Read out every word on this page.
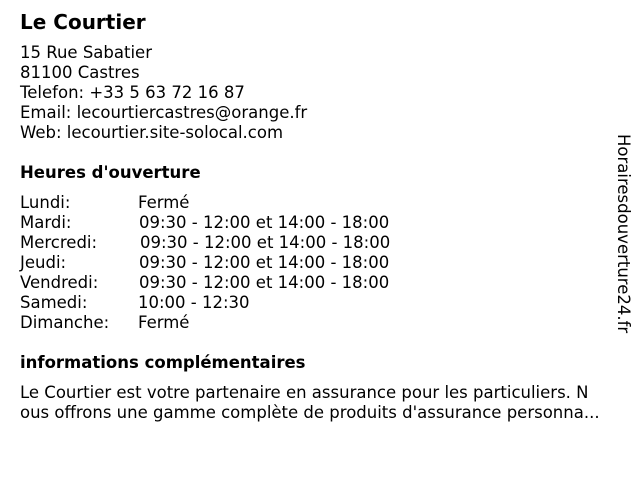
Le Courtier
15 Rue Sabatier
81100 Castres
Telefon: +33 5 63 72 16 87
Email: lecourtiercastres@orange.fr
Web: lecourtier.site-solocal.com
Heures d'ouverture
Lundi:	Fermé
Mardi:	09:30 - 12:00 et 14:00 - 18:00
Mercredi:	09:30 - 12:00 et 14:00 - 18:00
Jeudi:	09:30 - 12:00 et 14:00 - 18:00
Vendredi: 09:30 - 12:00 et 14:00 - 18:00
Samedi:	10:00 - 12:30
Dimanche: Fermé
informations complémentaires
Le Courtier est votre partenaire en assurance pour les particuliers. N
ous offrons une gamme complète de produits d'assurance personna...
Horairesdouverture24.fr
